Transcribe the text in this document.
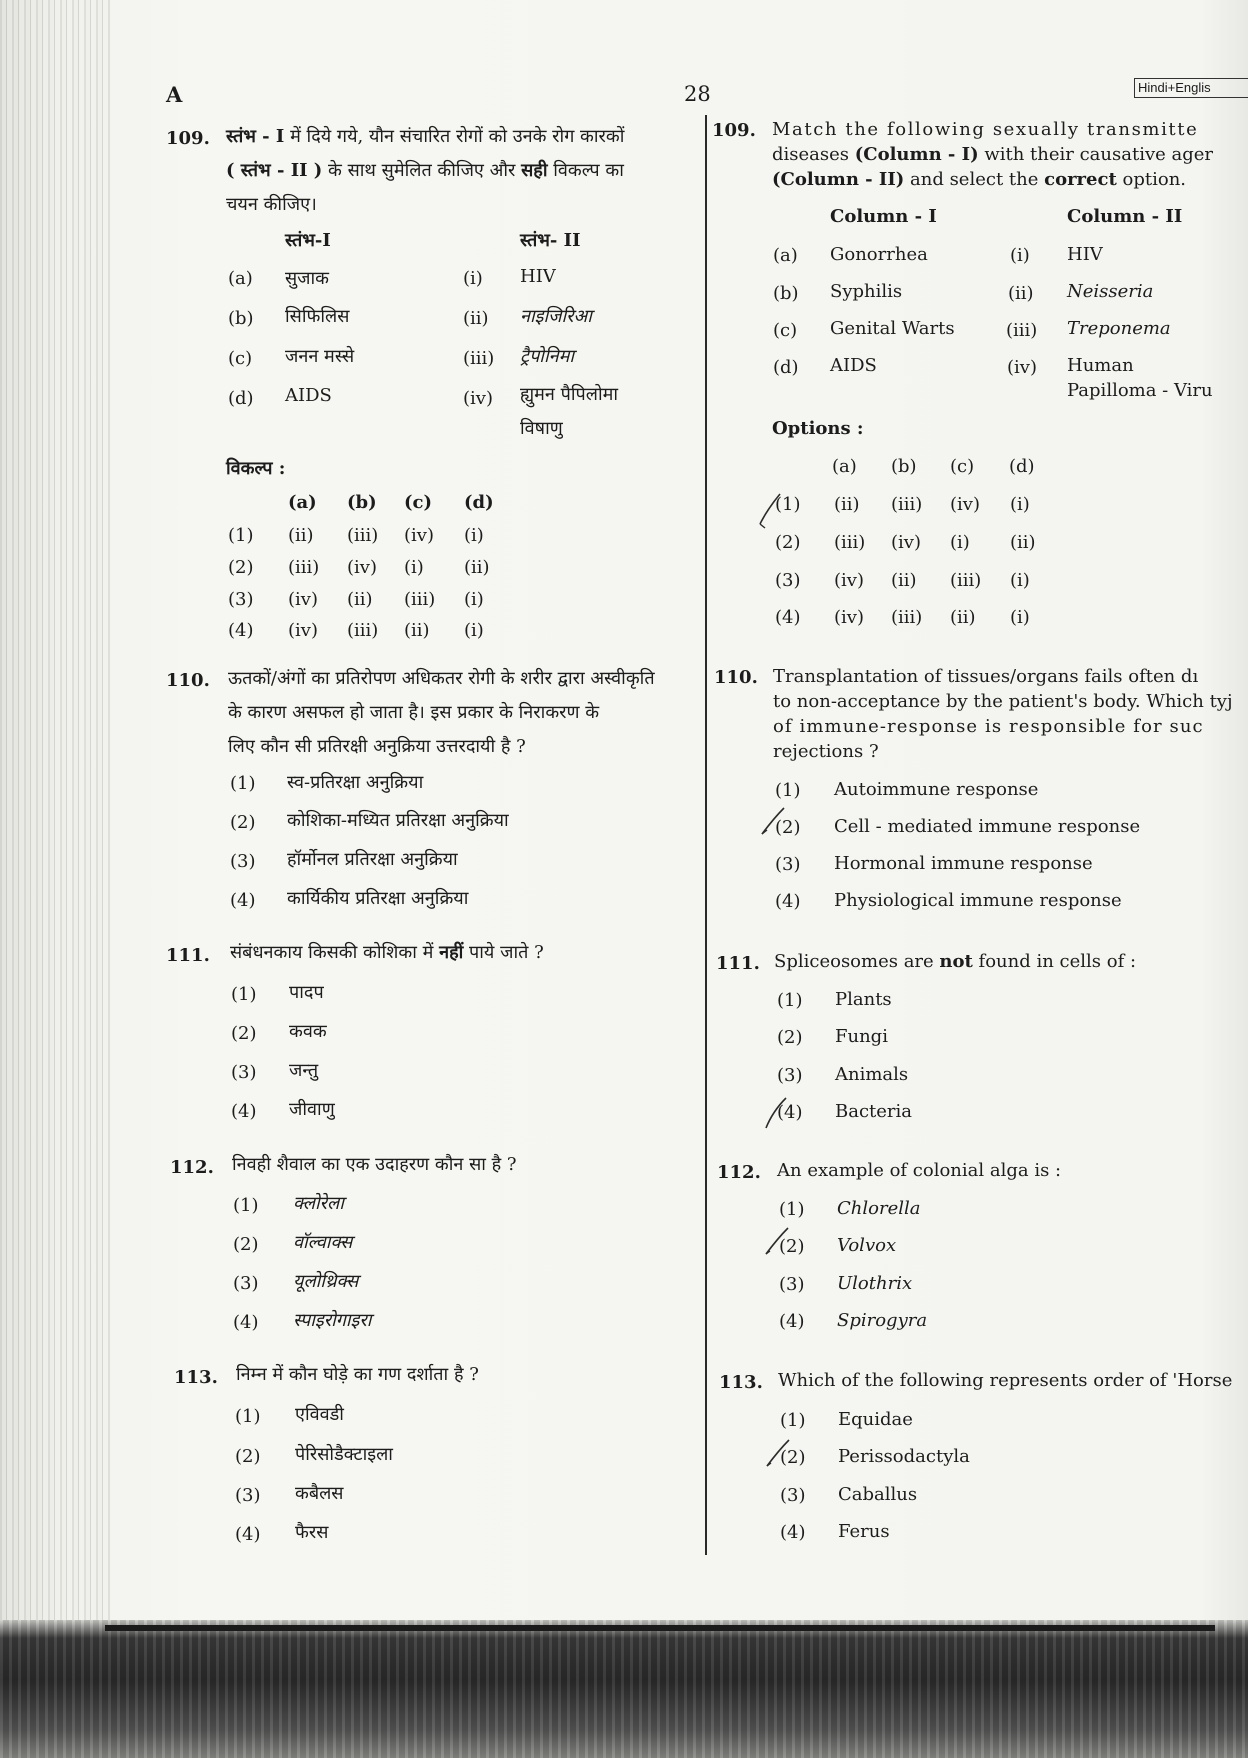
A	28	Hindi+Englis
109. स्तंभ - I में दिये गये, यौन संचारित रोगों को उनके रोग कारकों
( स्तंभ - II ) के साथ सुमेलित कीजिए और सही विकल्प का
चयन कीजिए।
स्तंभ-I	स्तंभ- II
(a) सुजाक	(i) HIV
(b) सिफिलिस	(ii) नाइजिरिआ
(c) जनन मस्से	(iii) ट्रैपोनिमा
(d) AIDS	(iv) ह्युमन पैपिलोमा
विषाणु
विकल्प :
(a) (b) (c) (d)
(1) (ii) (iii) (iv) (i)
(2) (iii) (iv) (i) (ii)
(3) (iv) (ii) (iii) (i)
(4) (iv) (iii) (ii) (i)
110. ऊतकों/अंगों का प्रतिरोपण अधिकतर रोगी के शरीर द्वारा अस्वीकृति
के कारण असफल हो जाता है। इस प्रकार के निराकरण के
लिए कौन सी प्रतिरक्षी अनुक्रिया उत्तरदायी है ?
(1) स्व-प्रतिरक्षा अनुक्रिया
(2) कोशिका-मध्यित प्रतिरक्षा अनुक्रिया
(3) हॉर्मोनल प्रतिरक्षा अनुक्रिया
(4) कार्यिकीय प्रतिरक्षा अनुक्रिया
111. संबंधनकाय किसकी कोशिका में नहीं पाये जाते ?
(1) पादप
(2) कवक
(3) जन्तु
(4) जीवाणु
112. निवही शैवाल का एक उदाहरण कौन सा है ?
(1) क्लोरेला
(2) वॉल्वाक्स
(3) यूलोथ्रिक्स
(4) स्पाइरोगाइरा
113. निम्न में कौन घोड़े का गण दर्शाता है ?
(1) एविवडी
(2) पेरिसोडैक्टाइला
(3) कबैलस
(4) फैरस
109. Match the following sexually transmitte
diseases (Column - I) with their causative ager
(Column - II) and select the correct option.
Column - I	Column - II
(a) Gonorrhea	(i) HIV
(b) Syphilis	(ii) Neisseria
(c) Genital Warts	(iii) Treponema
(d) AIDS	(iv) Human
Papilloma - Viru
Options :
(a) (b) (c) (d)
(1) (ii) (iii) (iv) (i)
(2) (iii) (iv) (i) (ii)
(3) (iv) (ii) (iii) (i)
(4) (iv) (iii) (ii) (i)
110. Transplantation of tissues/organs fails often dı
to non-acceptance by the patient's body. Which tyj
of immune-response is responsible for suc
rejections ?
(1) Autoimmune response
(2) Cell - mediated immune response
(3) Hormonal immune response
(4) Physiological immune response
111. Spliceosomes are not found in cells of :
(1) Plants
(2) Fungi
(3) Animals
(4) Bacteria
112. An example of colonial alga is :
(1) Chlorella
(2) Volvox
(3) Ulothrix
(4) Spirogyra
113. Which of the following represents order of 'Horse
(1) Equidae
(2) Perissodactyla
(3) Caballus
(4) Ferus
